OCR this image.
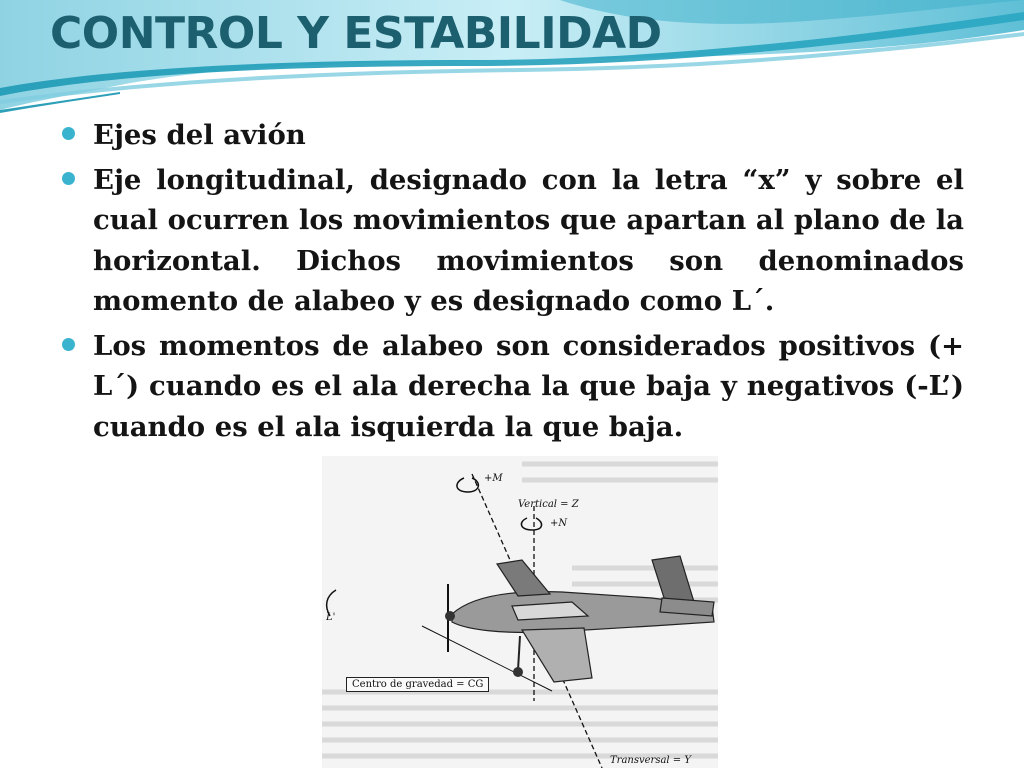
CONTROL Y ESTABILIDAD
Ejes del avión
Eje longitudinal, designado con la letra “x” y sobre el cual ocurren los movimientos que apartan al plano de la horizontal. Dichos movimientos son denominados momento de alabeo y es designado como L´.
Los momentos de alabeo son considerados positivos (+ L´) cuando es el ala derecha la que baja y negativos (-L’) cuando es el ala isquierda la que baja.
+M
Vertical = Z
+N
L'
Centro de gravedad = CG
Transversal = Y
